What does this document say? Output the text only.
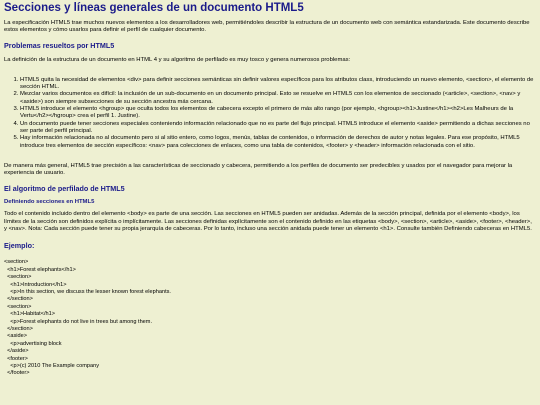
Secciones y líneas generales de un documento HTML5

La especificación HTML5 trae muchos nuevos elementos a los desarrolladores web, permitiéndoles describir la estructura de un documento web con semántica estandarizada. Este documento describe estos elementos y cómo usarlos para definir el perfil de cualquier documento.

Problemas resueltos por HTML5

La definición de la estructura de un documento en HTML 4 y su algoritmo de perfilado es muy tosco y genera numerosos problemas:

1. HTML5 quita la necesidad de elementos <div> para definir secciones semánticas sin definir valores específicos para los atributos class, introduciendo un nuevo elemento, <section>, el elemento de sección HTML.
2. Mezclar varios documentos es difícil: la inclusión de un sub-documento en un documento principal. Esto se resuelve en HTML5 con los elementos de seccionado (<article>, <section>, <nav> y <aside>) son siempre subsecciones de su sección ancestra más cercana.
3. HTML5 introduce el elemento <hgroup> que oculta todos los elementos de cabecera excepto el primero de más alto rango (por ejemplo, <hgroup><h1>Justine</h1><h2>Les Malheurs de la Vertu</h2></hgroup> crea el perfil 1. Justine).
4. Un documento puede tener secciones especiales conteniendo información relacionado que no es parte del flujo principal. HTML5 introduce el elemento <aside> permitiendo a dichas secciones no ser parte del perfil principal.
5. Hay información relacionada no al documento pero si al sitio entero, como logos, menús, tablas de contenidos, o información de derechos de autor y notas legales. Para ese propósito, HTML5 introduce tres elementos de sección específicos: <nav> para colecciones de enlaces, como una tabla de contenidos, <footer> y <header> información relacionada con el sitio.

De manera más general, HTML5 trae precisión a las características de seccionado y cabecera, permitiendo a los perfiles de documento ser predecibles y usados por el navegador para mejorar la experiencia de usuario.

El algoritmo de perfilado de HTML5
Definiendo secciones en HTML5

Todo el contenido incluido dentro del elemento <body> es parte de una sección. Las secciones en HTML5 pueden ser anidadas. Además de la sección principal, definida por el elemento <body>, los límites de la sección son definidos explícita o implícitamente. Las secciones definidas explícitamente son el contenido definido en las etiquetas <body>, <section>, <article>, <aside>, <footer>, <header>, y <nav>. Nota: Cada sección puede tener su propia jerarquía de cabeceras. Por lo tanto, incluso una sección anidada puede tener un elemento <h1>. Consulte también Definiendo cabeceras en HTML5.

Ejemplo:
<section>
<h1>Forest elephants</h1>
<section>
<h1>Introduction</h1>
<p>In this section, we discuss the lesser known forest elephants.
</section>
<section>
<h1>Habitat</h1>
<p>Forest elephants do not live in trees but among them.
</section>
<aside>
<p>advertising block
</aside>
<footer>
<p>(c) 2010 The Example company
</footer>
